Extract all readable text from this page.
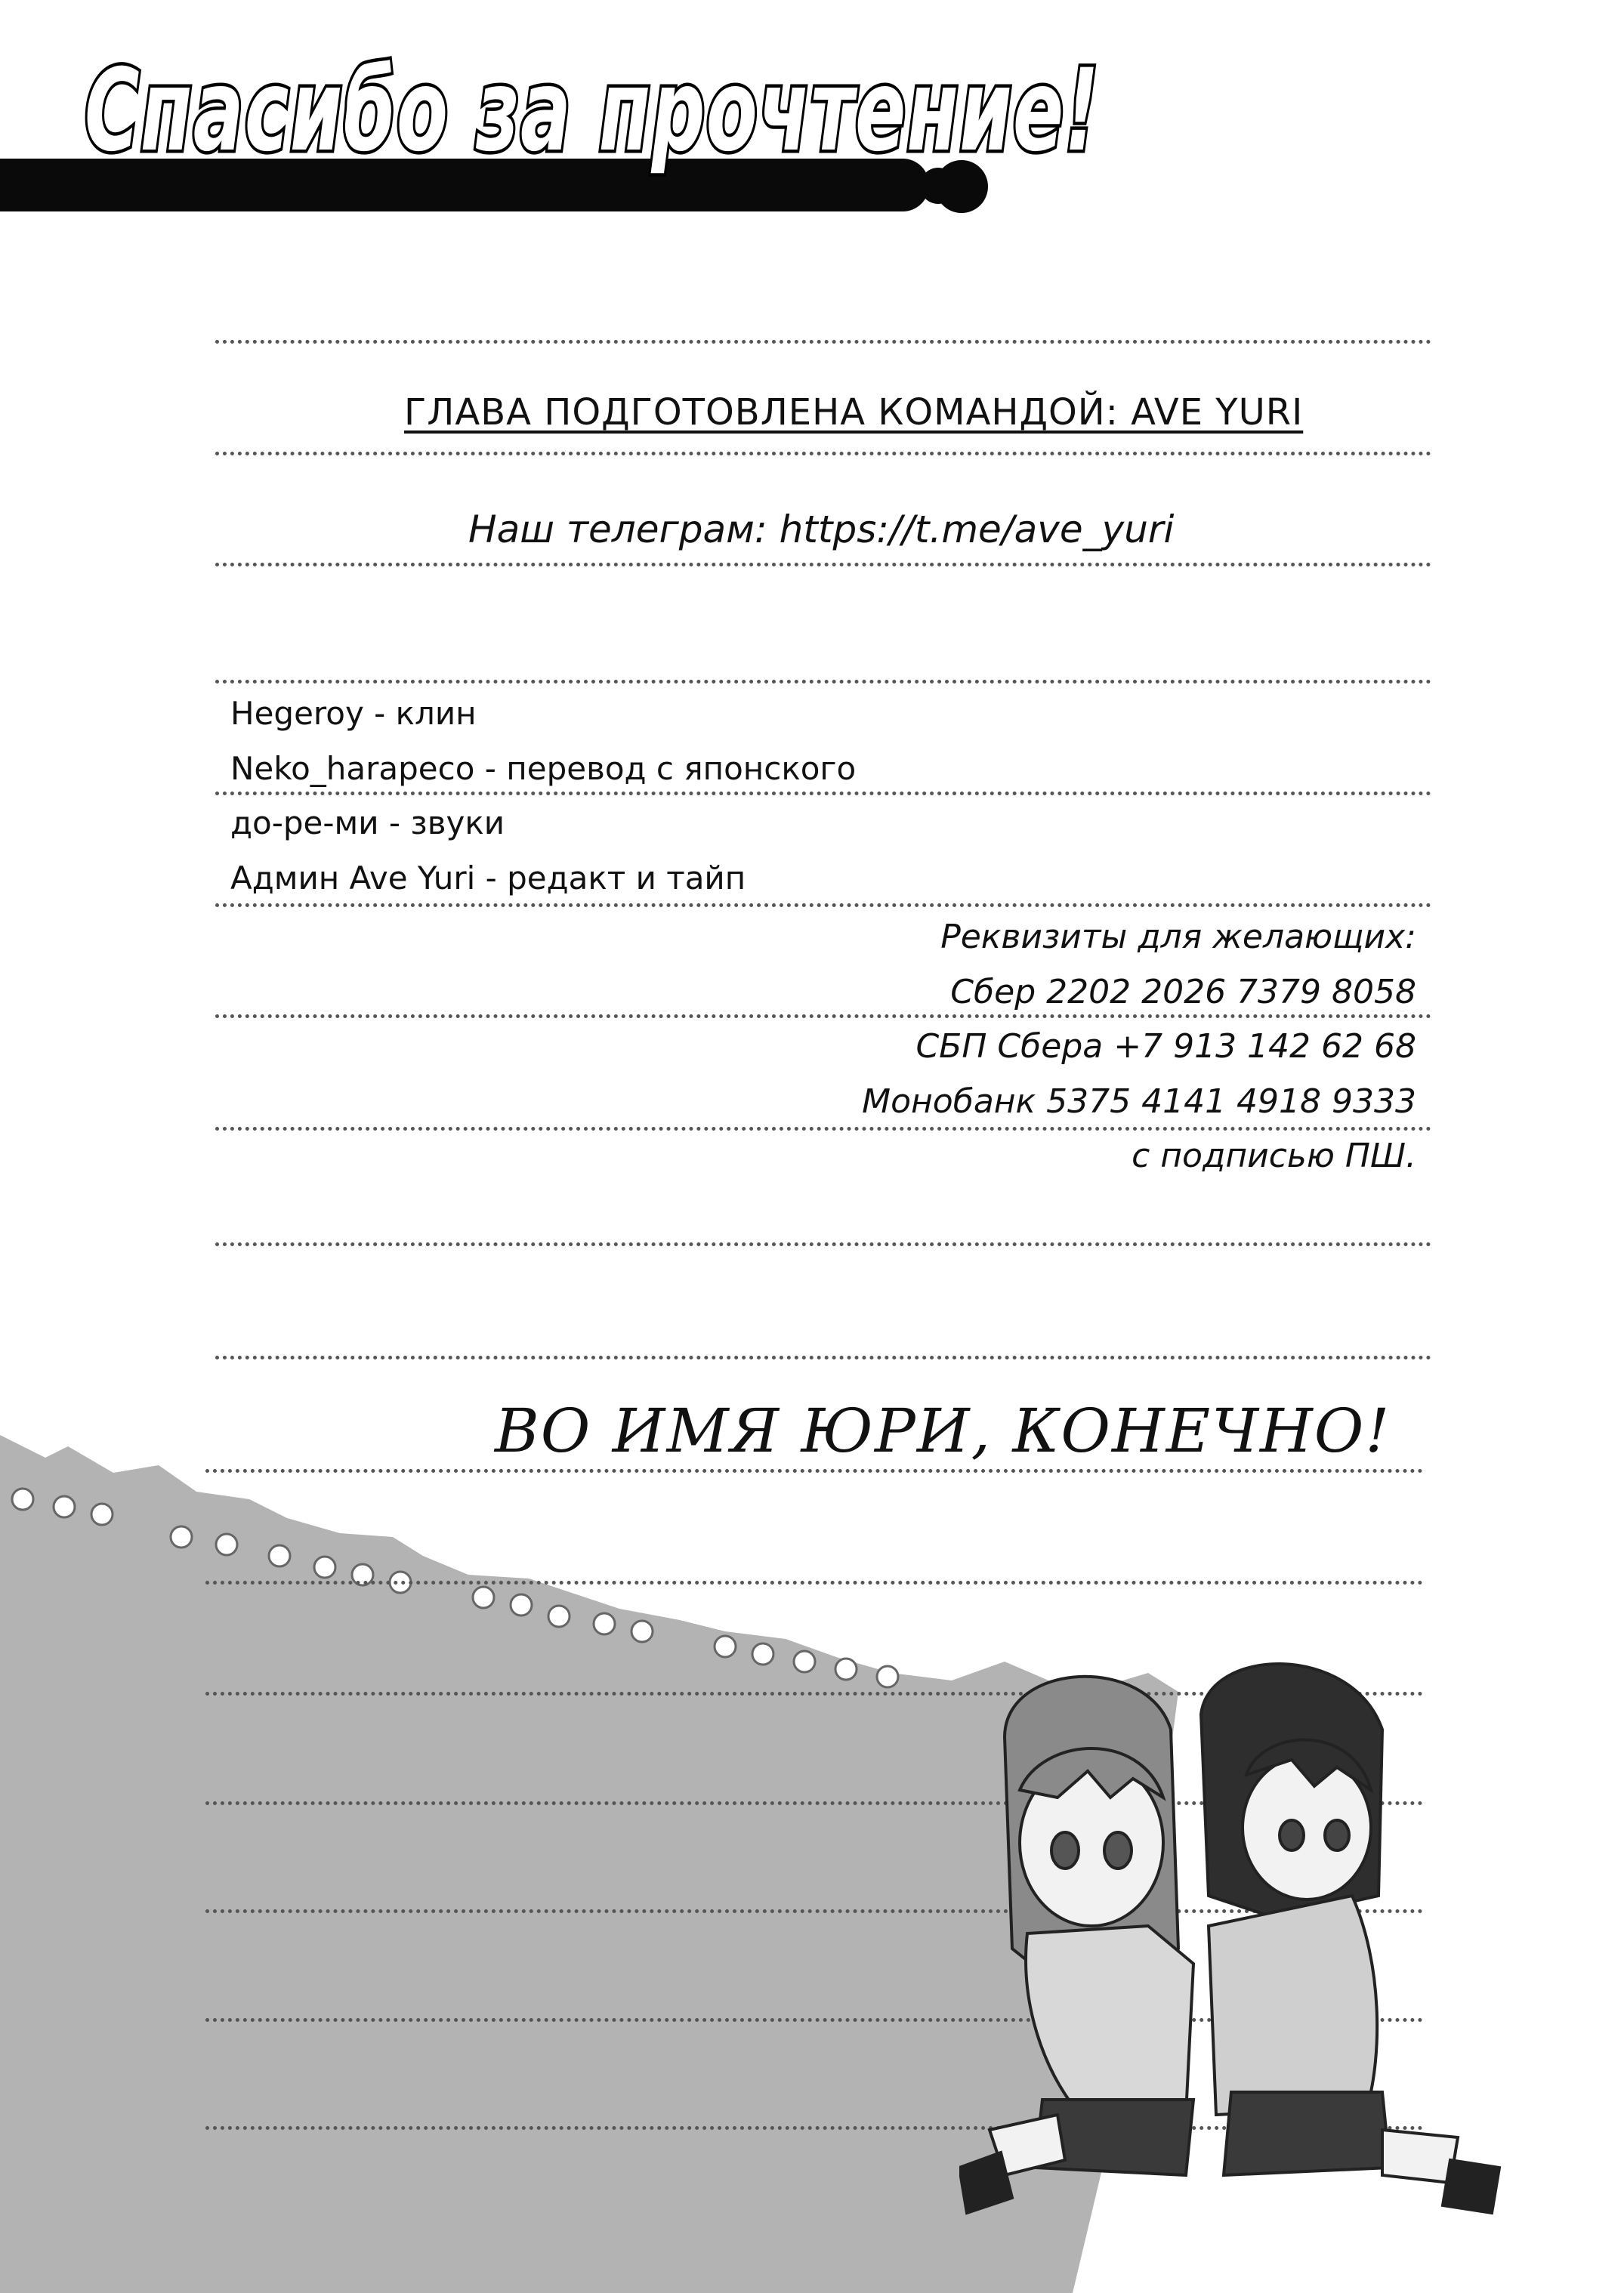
Спасибо за прочтение!
ГЛАВА ПОДГОТОВЛЕНА КОМАНДОЙ: AVE YURI
Наш телеграм: https://t.me/ave_yuri
Hegeroy - клин
Neko_harapeco - перевод с японского
до-ре-ми - звуки
Админ Ave Yuri - редакт и тайп
Реквизиты для желающих:
Сбер 2202 2026 7379 8058
СБП Сбера +7 913 142 62 68
Монобанк 5375 4141 4918 9333
с подписью ПШ.
ВО ИМЯ ЮРИ, КОНЕЧНО!
